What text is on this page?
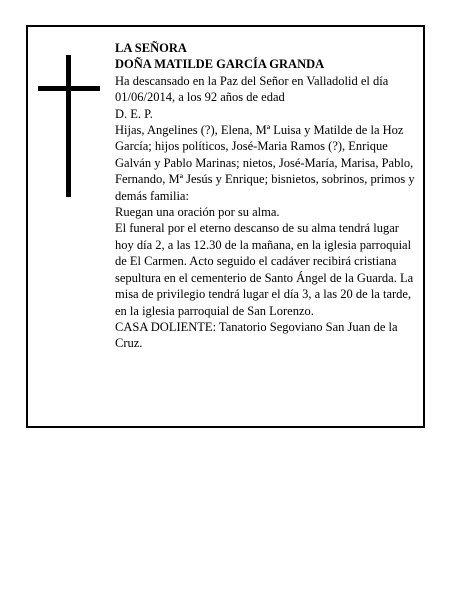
LA SEÑORA

DOÑA MATILDE GARCÍA GRANDA

Ha descansado en la Paz del Señor en Valladolid el día 01/06/2014, a los 92 años de edad

D. E. P.

Hijas, Angelines (?), Elena, Mª Luisa y Matilde de la Hoz García; hijos políticos, José-Maria Ramos (?), Enrique Galván y Pablo Marinas; nietos, José-María, Marisa, Pablo, Fernando, Mª Jesús y Enrique; bisnietos, sobrinos, primos y demás familia:

Ruegan una oración por su alma.

El funeral por el eterno descanso de su alma tendrá lugar hoy día 2, a las 12.30 de la mañana, en la iglesia parroquial de El Carmen. Acto seguido el cadáver recibirá cristiana sepultura en el cementerio de Santo Ángel de la Guarda. La misa de privilegio tendrá lugar el día 3, a las 20 de la tarde, en la iglesia parroquial de San Lorenzo.

CASA DOLIENTE: Tanatorio Segoviano San Juan de la Cruz.
